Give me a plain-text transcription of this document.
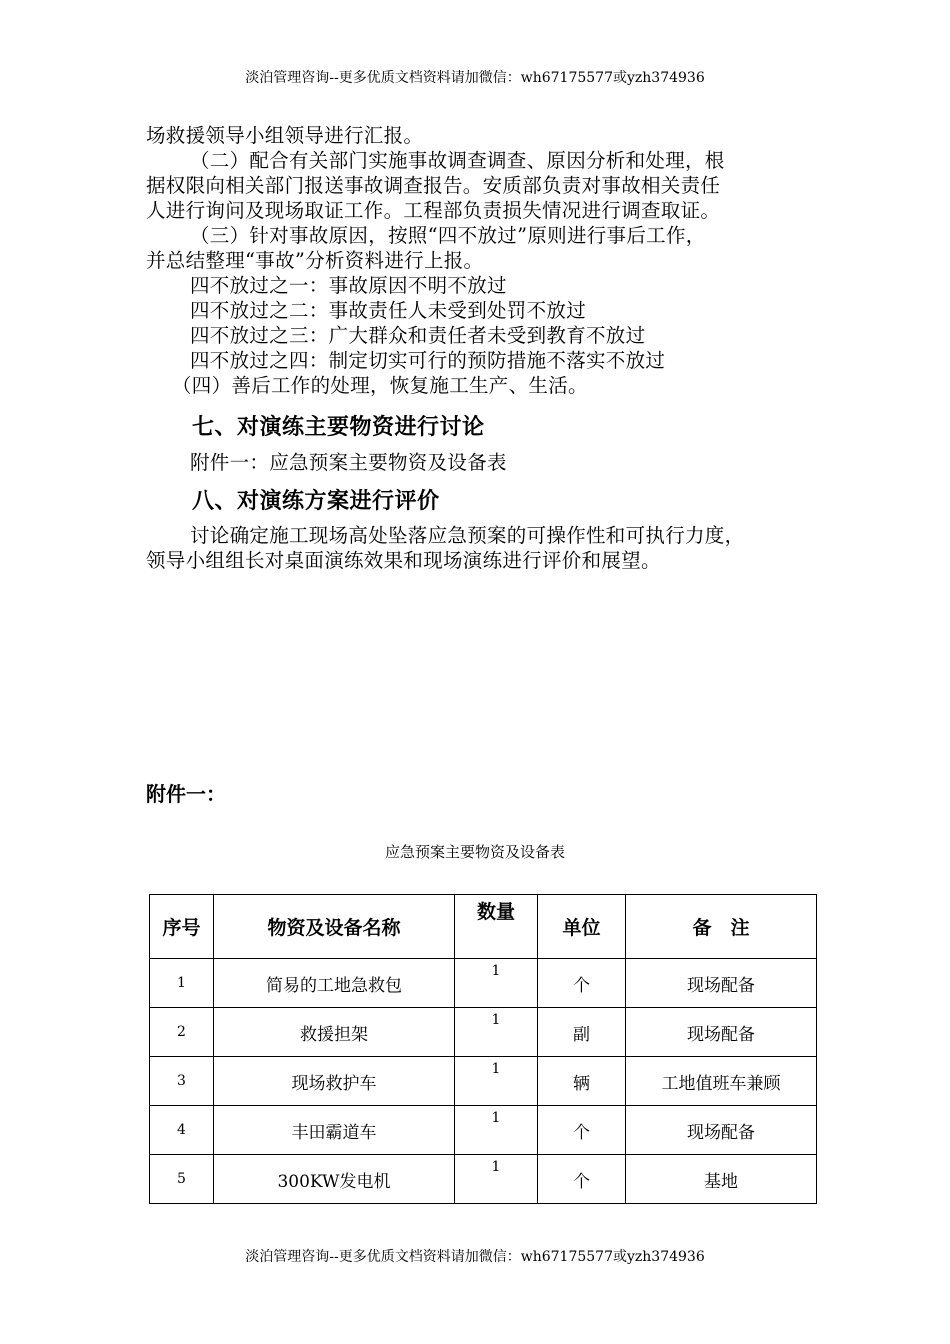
淡泊管理咨询--更多优质文档资料请加微信：wh67175577或yzh374936
场救援领导小组领导进行汇报。
（二）配合有关部门实施事故调查调查、原因分析和处理，根
据权限向相关部门报送事故调查报告。安质部负责对事故相关责任
人进行询问及现场取证工作。工程部负责损失情况进行调查取证。
（三）针对事故原因，按照“四不放过”原则进行事后工作，
并总结整理“事故”分析资料进行上报。
四不放过之一：事故原因不明不放过
四不放过之二：事故责任人未受到处罚不放过
四不放过之三：广大群众和责任者未受到教育不放过
四不放过之四：制定切实可行的预防措施不落实不放过
（四）善后工作的处理，恢复施工生产、生活。
七、对演练主要物资进行讨论
附件一：应急预案主要物资及设备表
八、对演练方案进行评价
讨论确定施工现场高处坠落应急预案的可操作性和可执行力度，
领导小组组长对桌面演练效果和现场演练进行评价和展望。
附件一：
应急预案主要物资及设备表
序号	物资及设备名称	数量	单位	备　注
1	简易的工地急救包	1	个	现场配备
2	救援担架	1	副	现场配备
3	现场救护车	1	辆	工地值班车兼顾
4	丰田霸道车	1	个	现场配备
5	300KW发电机	1	个	基地
淡泊管理咨询--更多优质文档资料请加微信：wh67175577或yzh374936
